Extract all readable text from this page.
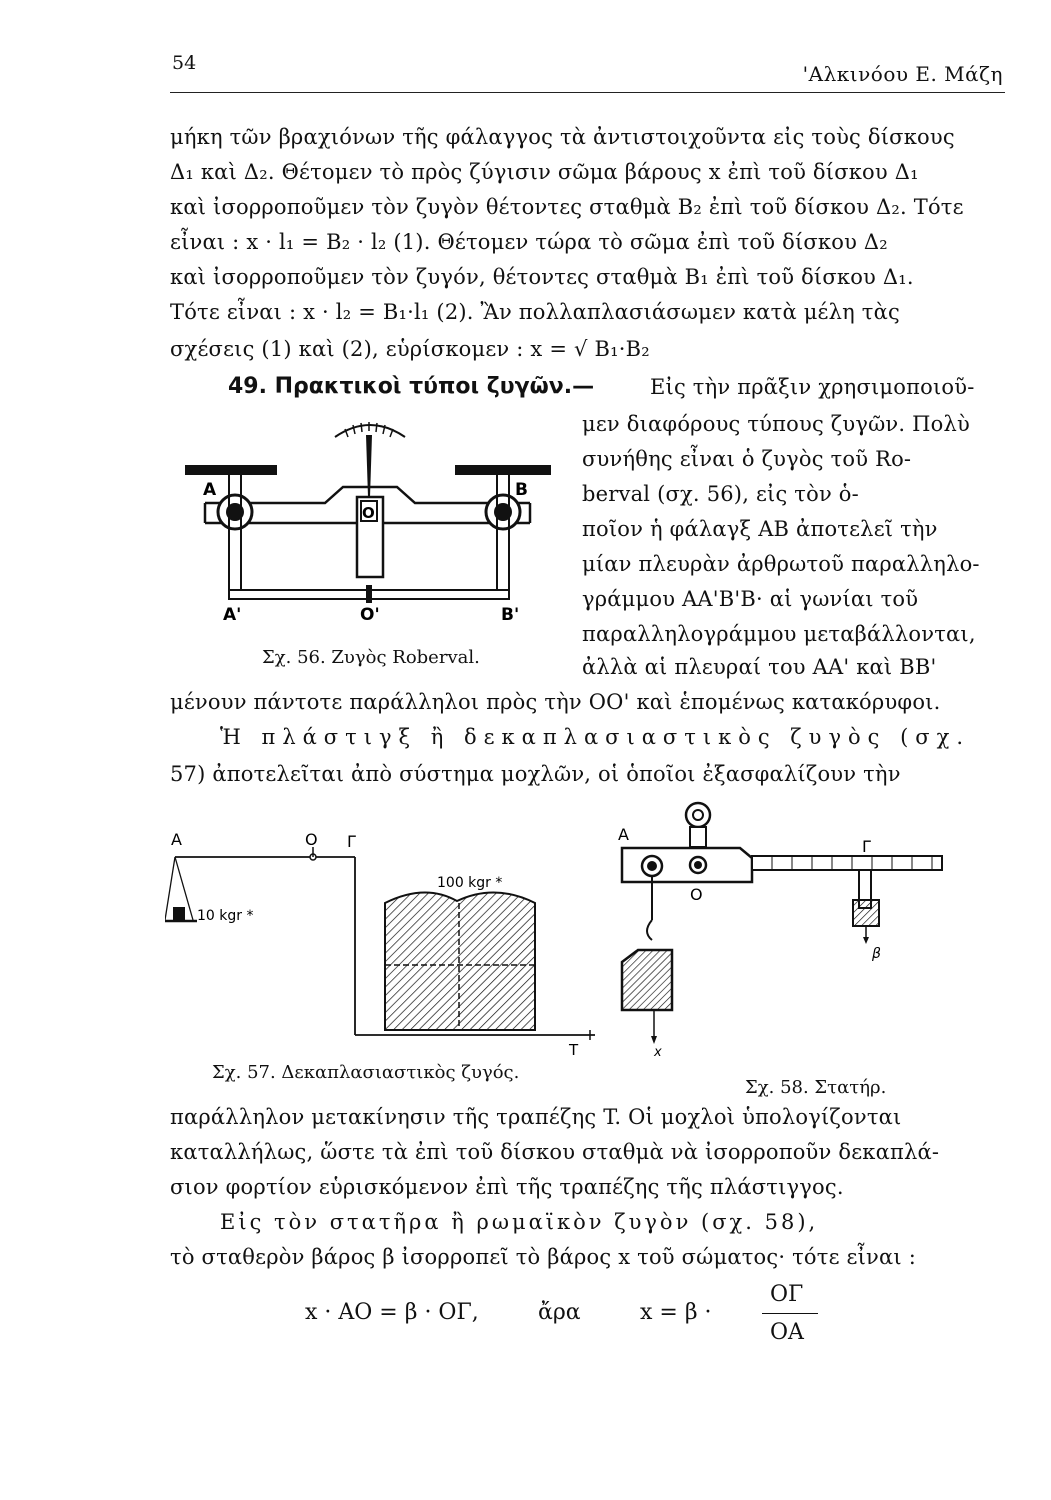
54	'Αλκινόου Ε. Μάζη
μήκη τῶν βραχιόνων τῆς φάλαγγος τὰ ἀντιστοιχοῦντα εἰς τοὺς δίσκους
Δ₁ καὶ Δ₂. Θέτομεν τὸ πρὸς ζύγισιν σῶμα βάρους x ἐπὶ τοῦ δίσκου Δ₁
καὶ ἰσορροποῦμεν τὸν ζυγὸν θέτοντες σταθμὰ B₂ ἐπὶ τοῦ δίσκου Δ₂. Τότε
εἶναι : x · l₁ = B₂ · l₂ (1). Θέτομεν τώρα τὸ σῶμα ἐπὶ τοῦ δίσκου Δ₂
καὶ ἰσορροποῦμεν τὸν ζυγόν, θέτοντες σταθμὰ B₁ ἐπὶ τοῦ δίσκου Δ₁.
Τότε εἶναι : x · l₂ = B₁·l₁ (2). Ἂν πολλαπλασιάσωμεν κατὰ μέλη τὰς
σχέσεις (1) καὶ (2), εὑρίσκομεν : x = √ B₁·B₂
49. Πρακτικοὶ τύποι ζυγῶν.—	Εἰς τὴν πρᾶξιν χρησιμοποιοῦ-
μεν διαφόρους τύπους ζυγῶν. Πολὺ
συνήθης εἶναι ὁ ζυγὸς τοῦ Ro-
berval (σχ. 56), εἰς τὸν ὁ-
ποῖον ἡ φάλαγξ AB ἀποτελεῖ τὴν
μίαν πλευρὰν ἀρθρωτοῦ παραλληλο-
γράμμου AA'B'B· αἱ γωνίαι τοῦ
παραλληλογράμμου μεταβάλλονται,
ἀλλὰ αἱ πλευραί του AA' καὶ BB'
A	B
O
A'	O'	B'
Σχ. 56. Ζυγὸς Roberval.
μένουν πάντοτε παράλληλοι πρὸς τὴν OO' καὶ ἑπομένως κατακόρυφοι.
Ἡ πλάστιγξ ἢ δεκαπλασιαστικὸς ζυγὸς (σχ.
57) ἀποτελεῖται ἀπὸ σύστημα μοχλῶν, οἱ ὁποῖοι ἐξασφαλίζουν τὴν
A	O Γ
10 kgr *
T
100 kgr *
Σχ. 57. Δεκαπλασιαστικὸς ζυγός.
A
Γ
O
x
β
Σχ. 58. Στατήρ.
παράλληλον μετακίνησιν τῆς τραπέζης T. Οἱ μοχλοὶ ὑπολογίζονται
καταλλήλως, ὥστε τὰ ἐπὶ τοῦ δίσκου σταθμὰ νὰ ἰσορροποῦν δεκαπλά-
σιον φορτίον εὑρισκόμενον ἐπὶ τῆς τραπέζης τῆς πλάστιγγος.
Εἰς τὸν στατῆρα ἢ ρωμαϊκὸν ζυγὸν (σχ. 58),
τὸ σταθερὸν βάρος β ἰσορροπεῖ τὸ βάρος x τοῦ σώματος· τότε εἶναι :
x · AO = β · OΓ,	ἄρα	x = β ·
OΓ
OA
